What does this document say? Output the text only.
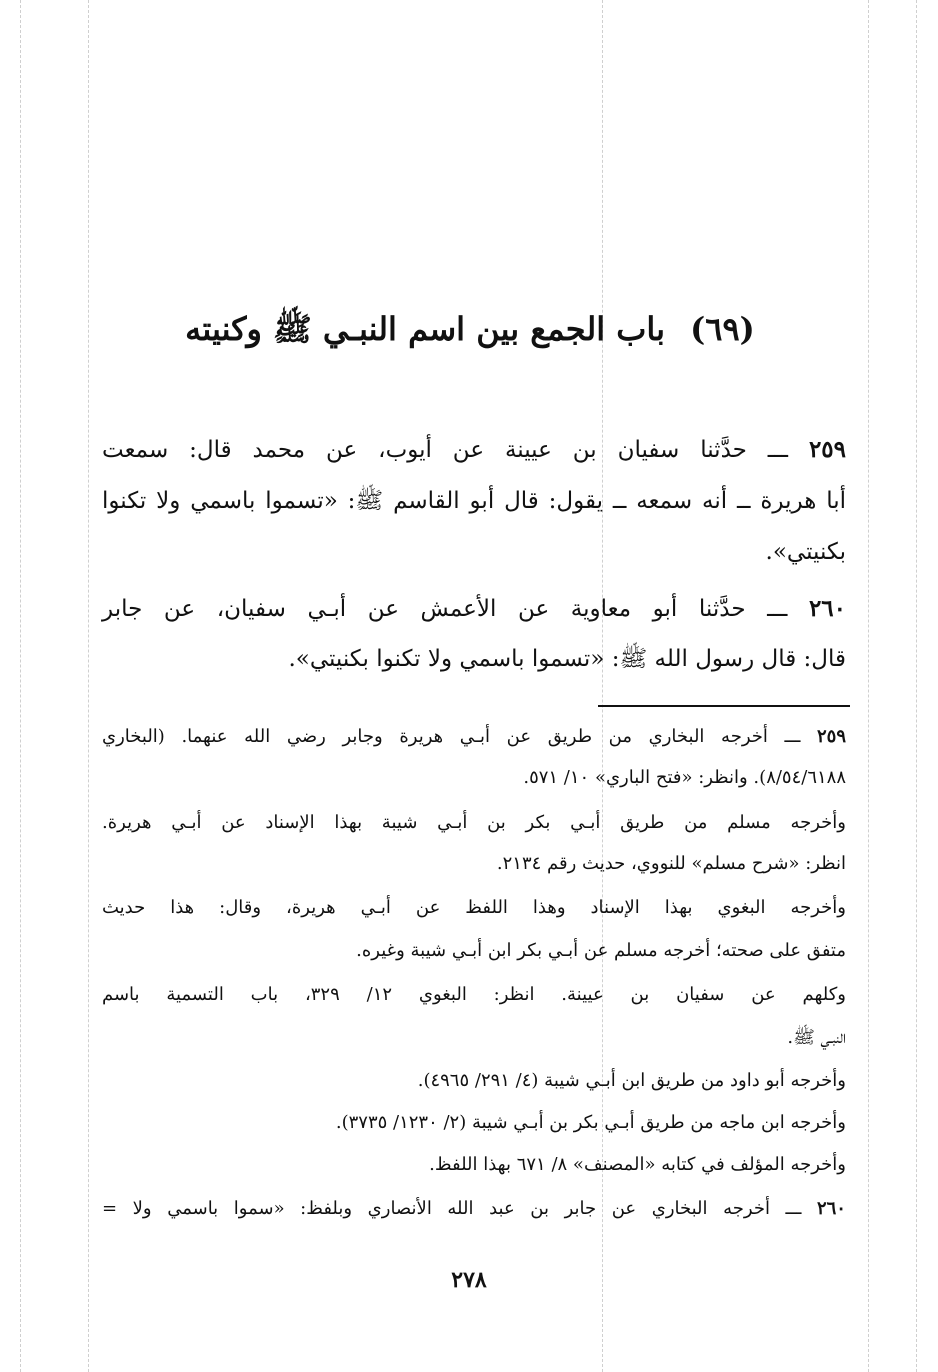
(٦٩) باب الجمع بين اسم النبـي ﷺ وكنيته
٢٥٩ ـــ حدَّثنا سفيان بن عيينة عن أيوب، عن محمد قال: سمعت
أبا هريرة ــ أنه سمعه ــ يقول: قال أبو القاسم ﷺ: «تسموا باسمي ولا تكنوا
بكنيتي».
٢٦٠ ـــ حدَّثنا أبو معاوية عن الأعمش عن أبـي سفيان، عن جابر
قال: قال رسول الله ﷺ: «تسموا باسمي ولا تكنوا بكنيتي».
٢٥٩ ـــ أخرجه البخاري من طريق عن أبـي هريرة وجابر رضي الله عنهما. (البخاري
٨/٥٤/٦١٨٨). وانظر: «فتح الباري» ١٠/ ٥٧١.
وأخرجه مسلم من طريق أبـي بكر بن أبـي شيبة بهذا الإسناد عن أبـي هريرة.
انظر: «شرح مسلم» للنووي، حديث رقم ٢١٣٤.
وأخرجه البغوي بهذا الإسناد وهذا اللفظ عن أبـي هريرة، وقال: هذا حديث
متفق على صحته؛ أخرجه مسلم عن أبـي بكر ابن أبـي شيبة وغيره.
وكلهم عن سفيان بن عيينة. انظر: البغوي ١٢/ ٣٢٩، باب التسمية باسم
النبـي ﷺ.
وأخرجه أبو داود من طريق ابن أبـي شيبة (٤/ ٢٩١/ ٤٩٦٥).
وأخرجه ابن ماجه من طريق أبـي بكر بن أبـي شيبة (٢/ ١٢٣٠/ ٣٧٣٥).
وأخرجه المؤلف في كتابه «المصنف» ٨/ ٦٧١ بهذا اللفظ.
٢٦٠ ـــ أخرجه البخاري عن جابر بن عبد الله الأنصاري وبلفظ: «سموا باسمي ولا =
٢٧٨
